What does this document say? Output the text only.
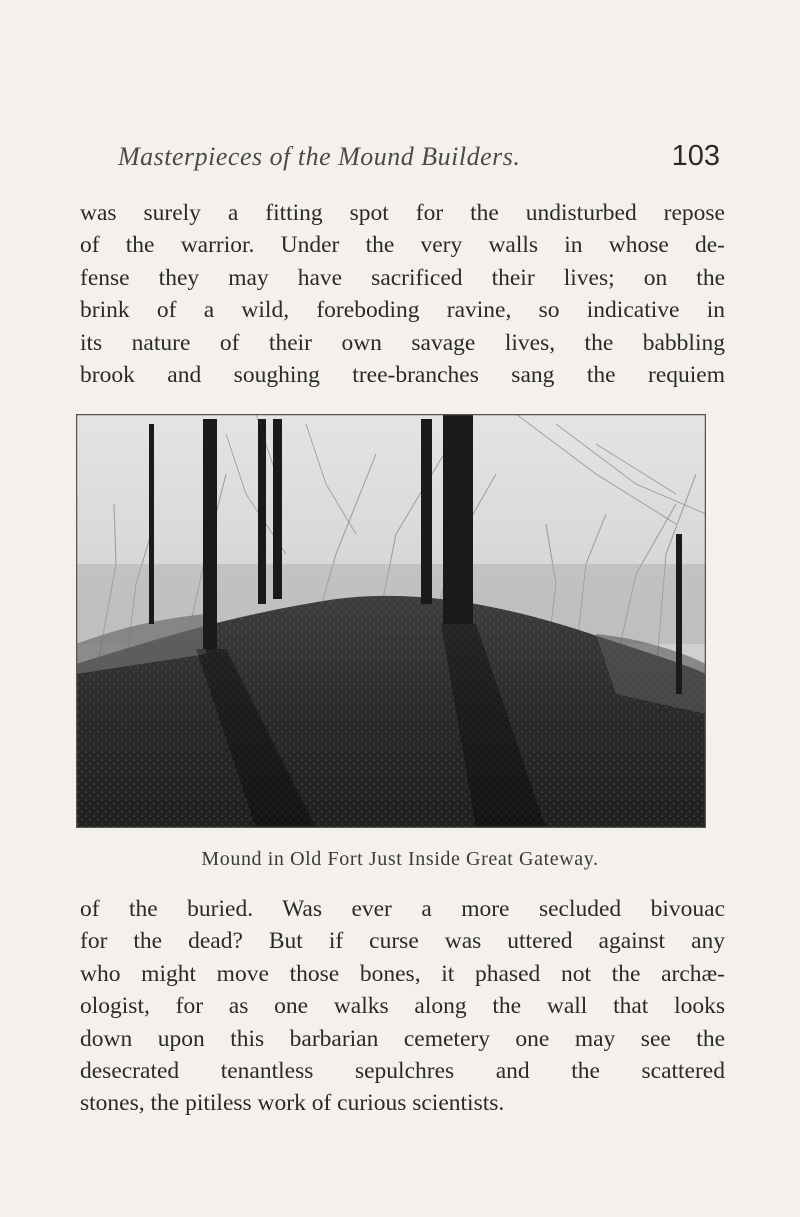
Masterpieces of the Mound Builders.	103
was surely a fitting spot for the undisturbed repose
of the warrior. Under the very walls in whose de-
fense they may have sacrificed their lives; on the
brink of a wild, foreboding ravine, so indicative in
its nature of their own savage lives, the babbling
brook and soughing tree-branches sang the requiem
Mound in Old Fort Just Inside Great Gateway.
of the buried. Was ever a more secluded bivouac
for the dead? But if curse was uttered against any
who might move those bones, it phased not the archæ-
ologist, for as one walks along the wall that looks
down upon this barbarian cemetery one may see the
desecrated tenantless sepulchres and the scattered
stones, the pitiless work of curious scientists.
